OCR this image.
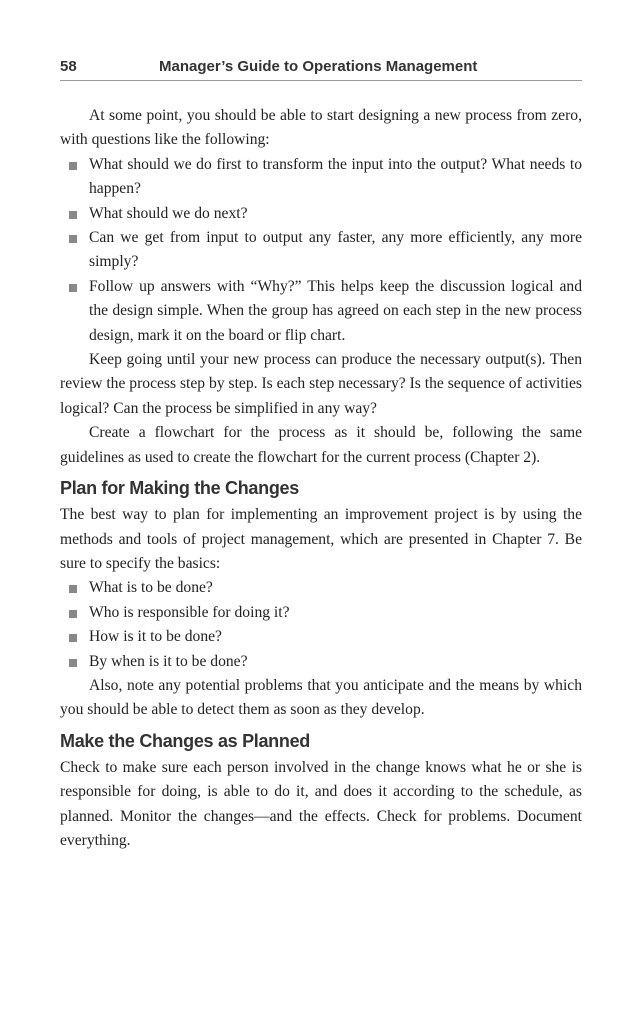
58	Manager’s Guide to Operations Management

At some point, you should be able to start designing a new process from zero, with questions like the following:

What should we do first to transform the input into the output? What needs to happen?
What should we do next?
Can we get from input to output any faster, any more efficiently, any more simply?
Follow up answers with “Why?” This helps keep the discussion logical and the design simple. When the group has agreed on each step in the new process design, mark it on the board or flip chart.

Keep going until your new process can produce the necessary output(s). Then review the process step by step. Is each step necessary? Is the sequence of activities logical? Can the process be simplified in any way?

Create a flowchart for the process as it should be, following the same guidelines as used to create the flowchart for the current process (Chapter 2).

Plan for Making the Changes

The best way to plan for implementing an improvement project is by using the methods and tools of project management, which are presented in Chapter 7. Be sure to specify the basics:

What is to be done?
Who is responsible for doing it?
How is it to be done?
By when is it to be done?

Also, note any potential problems that you anticipate and the means by which you should be able to detect them as soon as they develop.

Make the Changes as Planned

Check to make sure each person involved in the change knows what he or she is responsible for doing, is able to do it, and does it according to the schedule, as planned. Monitor the changes—and the effects. Check for problems. Document everything.
